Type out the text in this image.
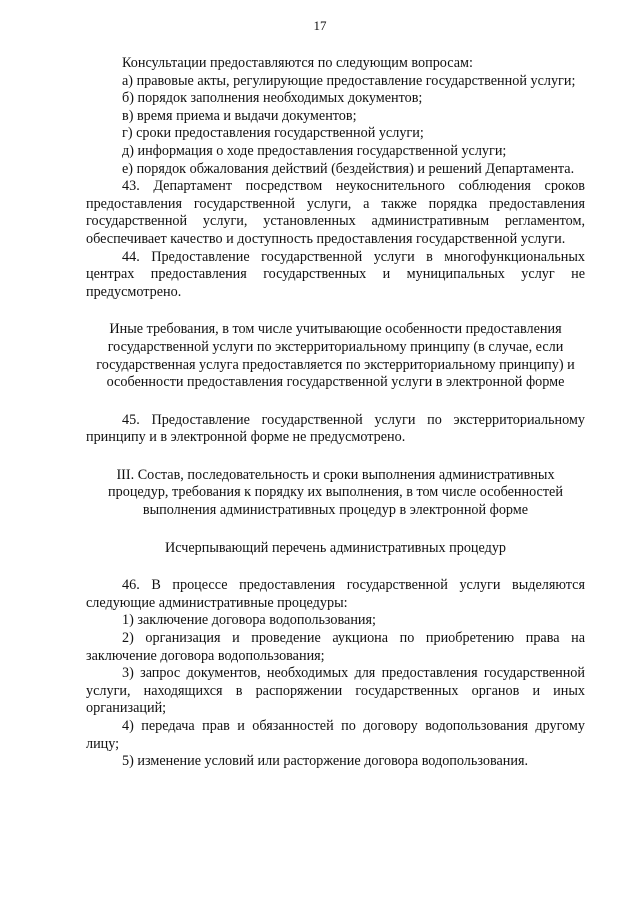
17

Консультации предоставляются по следующим вопросам:

а) правовые акты, регулирующие предоставление государственной услуги;

б) порядок заполнения необходимых документов;

в) время приема и выдачи документов;

г) сроки предоставления государственной услуги;

д) информация о ходе предоставления государственной услуги;

е) порядок обжалования действий (бездействия) и решений Департамента.

43. Департамент посредством неукоснительного соблюдения сроков предоставления государственной услуги, а также порядка предоставления государственной услуги, установленных административным регламентом, обеспечивает качество и доступность предоставления государственной услуги.

44. Предоставление государственной услуги в многофункциональных центрах предоставления государственных и муниципальных услуг не предусмотрено.

Иные требования, в том числе учитывающие особенности предоставления государственной услуги по экстерриториальному принципу (в случае, если государственная услуга предоставляется по экстерриториальному принципу) и особенности предоставления государственной услуги в электронной форме

45. Предоставление государственной услуги по экстерриториальному принципу и в электронной форме не предусмотрено.

III. Состав, последовательность и сроки выполнения административных процедур, требования к порядку их выполнения, в том числе особенностей выполнения административных процедур в электронной форме

Исчерпывающий перечень административных процедур

46. В процессе предоставления государственной услуги выделяются следующие административные процедуры:

1) заключение договора водопользования;

2) организация и проведение аукциона по приобретению права на заключение договора водопользования;

3) запрос документов, необходимых для предоставления государственной услуги, находящихся в распоряжении государственных органов и иных организаций;

4) передача прав и обязанностей по договору водопользования другому лицу;

5) изменение условий или расторжение договора водопользования.
